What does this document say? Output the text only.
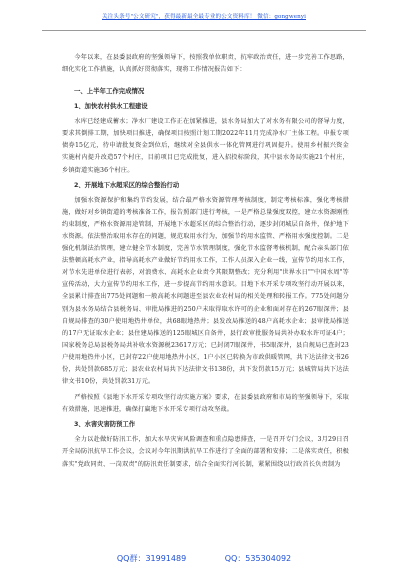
关注头条号"公文研究"，获得最新最全最专业的公文资料库！ 微信：gongwenyi

今年以来，在县委县政府的坚强领导下，按照我单位职责，抗牢政治责任，进一步完善工作思路，细化实化工作措施，认真抓好贯彻落实，现将工作情况报告如下：

一、上半年工作完成情况
1、加快农村供水工程建设

水库已经建成蓄水；净水厂建设工作正在加紧推进，县水务局加大了对水务有限公司的督导力度，要求其倒排工期，加快项目推进，确保项目按照计划工期2022年11月完成净水厂主体工程。申报专项债券15亿元，待申请批复资金到位后，继续对全县供水一体化管网进行巩固提升。使用乡村振兴资金实施村内提升改造57个村庄，目前项目已完成批复，进入招投标阶段，其中县水务局实施21个村庄，乡镇街道实施36个村庄。

2、开展地下水超采区的综合整治行动

加强水资源保护和集约节约发展，结合最严格水资源管理考核制度，制定考核标准，强化考核措施，做好对乡镇街道的考核准备工作，报告照部门进行考核，一是严格总量强度双控，建立水资源刚性约束制度，严格水资源用途管制，开展地下水超采区的综合整治行动，逐步封闭城层自备井，保护地下水资源。依法整治取用水存在的问题，规范取用水行为，加强节约用水监管、严格用水强度控制。二是强化机制法治管理，建立健全节水制度，完善节水管理制度，强化节水监督考核机制，配合亲头部门依法整顿高耗水产业，指导高耗水产业做好节约用水工作，工作人员深入企业一线，宣传节约用水工作，对节水先进单位进行表彰，对浪费水、高耗水企业责令其限期整改；充分利用"世界水日""中国水周"等宣传活动，大力宣传节约用水工作，进一步提高节约用水意识。目地下水开采专项攻坚行动开展以来，全县累计排查出775处问题和一般高耗水问题进至县农业农村局的相关处理和转报工作。775处问题分别为县水务局结合县税务局、审批局推进的250户未取得取水许可的企业和面对存在的267眼深井；县自规局排查的30户使用地热井单位，共68眼地热井；县发改局推送的48户高耗水企业；县审批局推送的17户无证取水企业；县住建局推送的125眼城区自备井，县行政审批服务局共补办取水许可证4户；国家税务总局县税务局共补收水资源税23617万元；已封闭7眼深井，书5眼深井，县自规局已查封23户使用地热井小区，已封存22户使用地热井小区，1户小区已转换为市政供暖管网，共下达法律文书26份，共处罚款685万元；县农业农村局共下达法律文书138份，共下发罚款15万元；县城管局共下达法律文书10份，共处罚款31万元。

严格按照《县地下水开采专项攻坚行动实施方案》要求，在县委县政府和市局的坚强领导下，采取有效措施，迅速推进，确保打赢地下水开采专项行动攻坚战。

3、水害灾害防预工作

全力以赴做好防汛工作，加大水旱灾害风险调查和重点隐患排查，一是召开专门会议，3月29日召开全局防汛抗旱工作会议，会议对今年汛期洪抗旱工作进行了全面的部署和安排；二是落实责任，积极落实"党政同责、一岗双责"的防汛责任制要求，结合全面实行河长制，紧紧围绕以行政首长负责制为

QQ群：31991489	QQ：535304092
